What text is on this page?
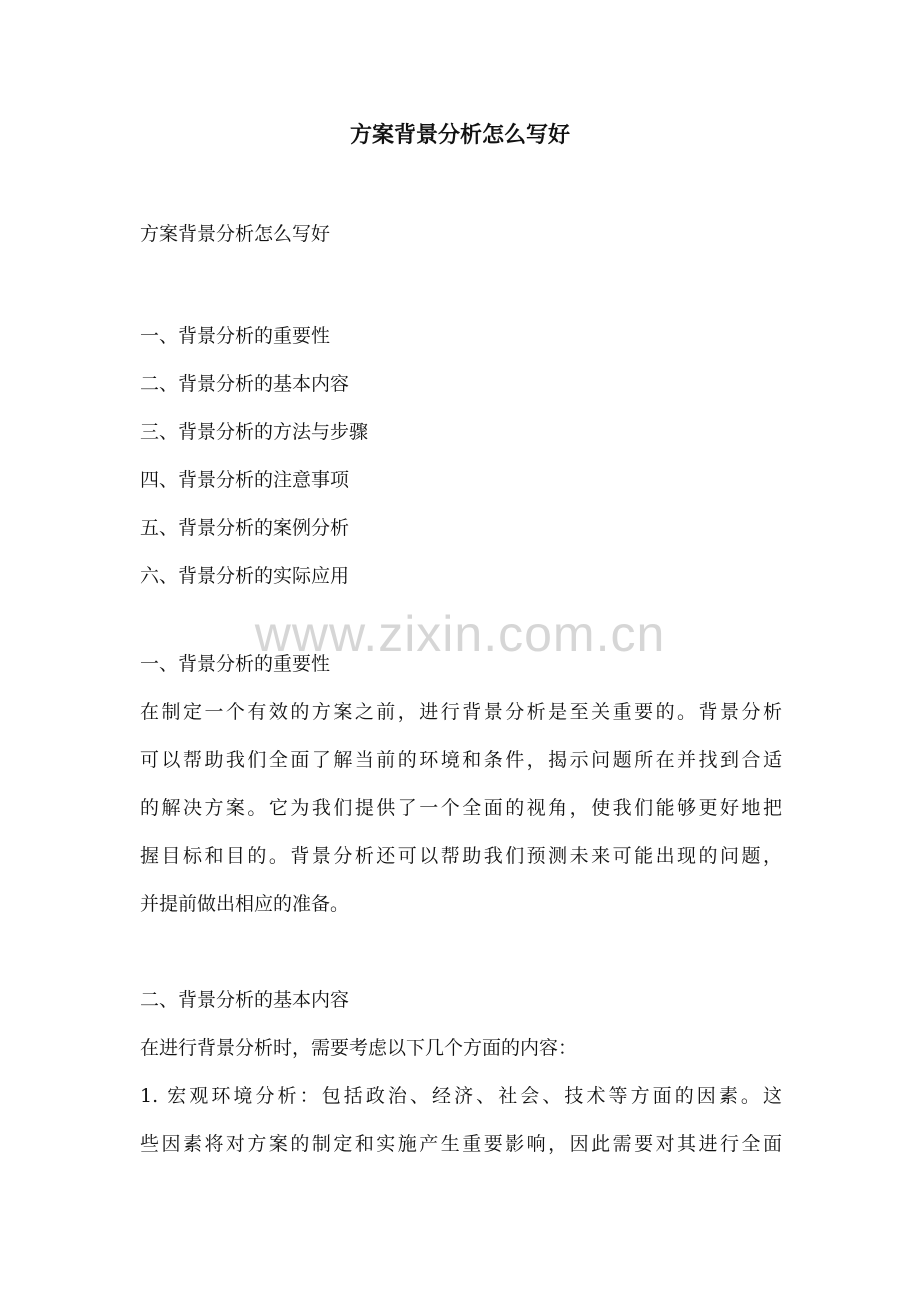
方案背景分析怎么写好

方案背景分析怎么写好

一、背景分析的重要性
二、背景分析的基本内容
三、背景分析的方法与步骤
四、背景分析的注意事项
五、背景分析的案例分析
六、背景分析的实际应用

一、背景分析的重要性

在制定一个有效的方案之前，进行背景分析是至关重要的。背景分析
可以帮助我们全面了解当前的环境和条件，揭示问题所在并找到合适
的解决方案。它为我们提供了一个全面的视角，使我们能够更好地把
握目标和目的。背景分析还可以帮助我们预测未来可能出现的问题，
并提前做出相应的准备。

二、背景分析的基本内容

在进行背景分析时，需要考虑以下几个方面的内容：
1. 宏观环境分析：包括政治、经济、社会、技术等方面的因素。这
些因素将对方案的制定和实施产生重要影响，因此需要对其进行全面

www.zixin.com.cn
